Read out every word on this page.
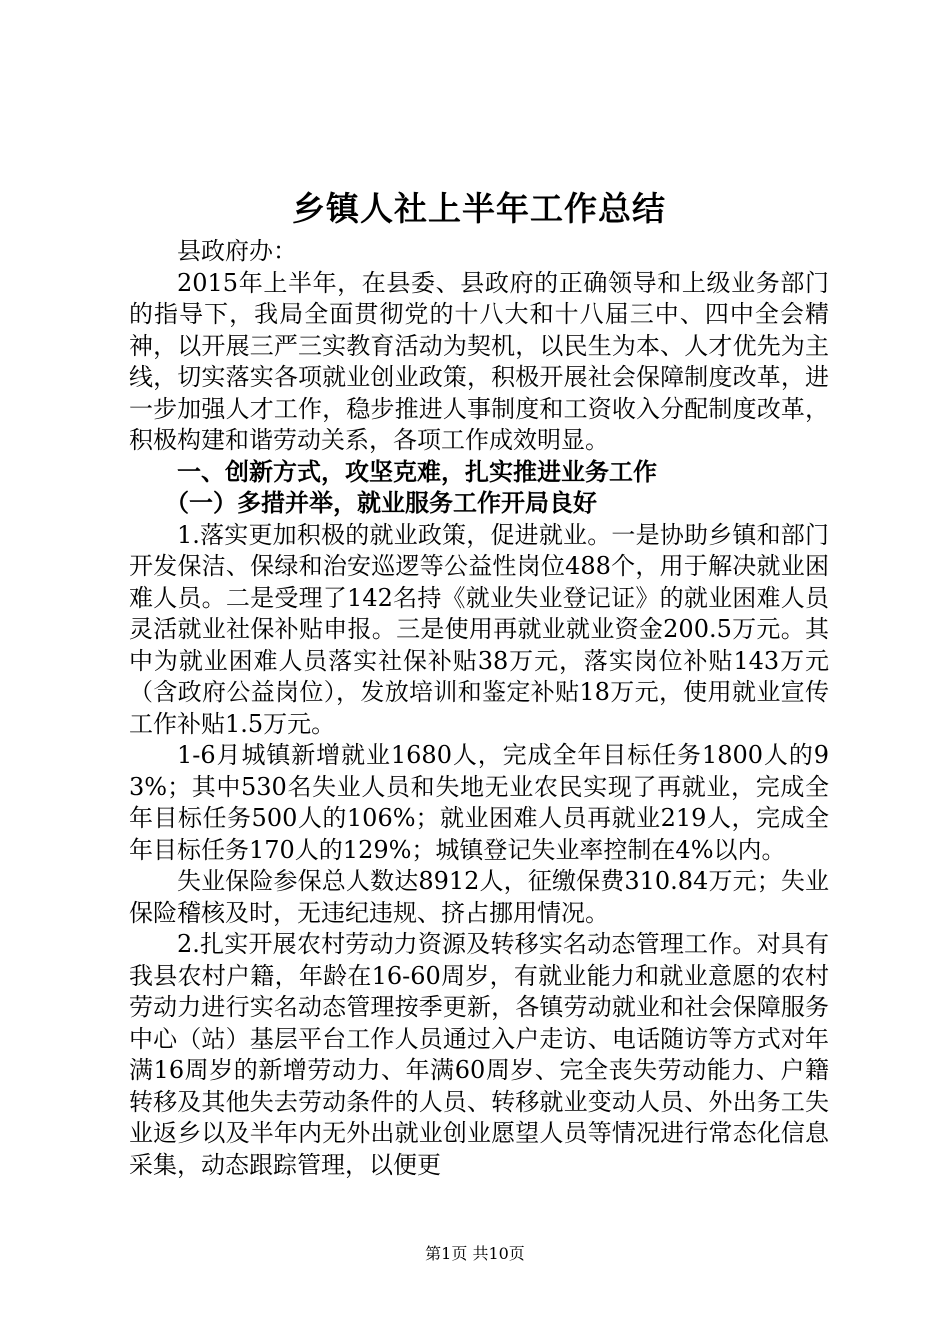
乡镇人社上半年工作总结

县政府办：

2015年上半年，在县委、县政府的正确领导和上级业务部门的指导下，我局全面贯彻党的十八大和十八届三中、四中全会精神，以开展三严三实教育活动为契机，以民生为本、人才优先为主线，切实落实各项就业创业政策，积极开展社会保障制度改革，进一步加强人才工作，稳步推进人事制度和工资收入分配制度改革，积极构建和谐劳动关系，各项工作成效明显。

一、创新方式，攻坚克难，扎实推进业务工作

（一）多措并举，就业服务工作开局良好

1.落实更加积极的就业政策，促进就业。一是协助乡镇和部门开发保洁、保绿和治安巡逻等公益性岗位488个，用于解决就业困难人员。二是受理了142名持《就业失业登记证》的就业困难人员灵活就业社保补贴申报。三是使用再就业就业资金200.5万元。其中为就业困难人员落实社保补贴38万元，落实岗位补贴143万元（含政府公益岗位），发放培训和鉴定补贴18万元，使用就业宣传工作补贴1.5万元。

1-6月城镇新增就业1680人，完成全年目标任务1800人的93%；其中530名失业人员和失地无业农民实现了再就业，完成全年目标任务500人的106%；就业困难人员再就业219人，完成全年目标任务170人的129%；城镇登记失业率控制在4%以内。

失业保险参保总人数达8912人，征缴保费310.84万元；失业保险稽核及时，无违纪违规、挤占挪用情况。

2.扎实开展农村劳动力资源及转移实名动态管理工作。对具有我县农村户籍，年龄在16-60周岁，有就业能力和就业意愿的农村劳动力进行实名动态管理按季更新，各镇劳动就业和社会保障服务中心（站）基层平台工作人员通过入户走访、电话随访等方式对年满16周岁的新增劳动力、年满60周岁、完全丧失劳动能力、户籍转移及其他失去劳动条件的人员、转移就业变动人员、外出务工失业返乡以及半年内无外出就业创业愿望人员等情况进行常态化信息采集，动态跟踪管理，以便更

第1页 共10页
